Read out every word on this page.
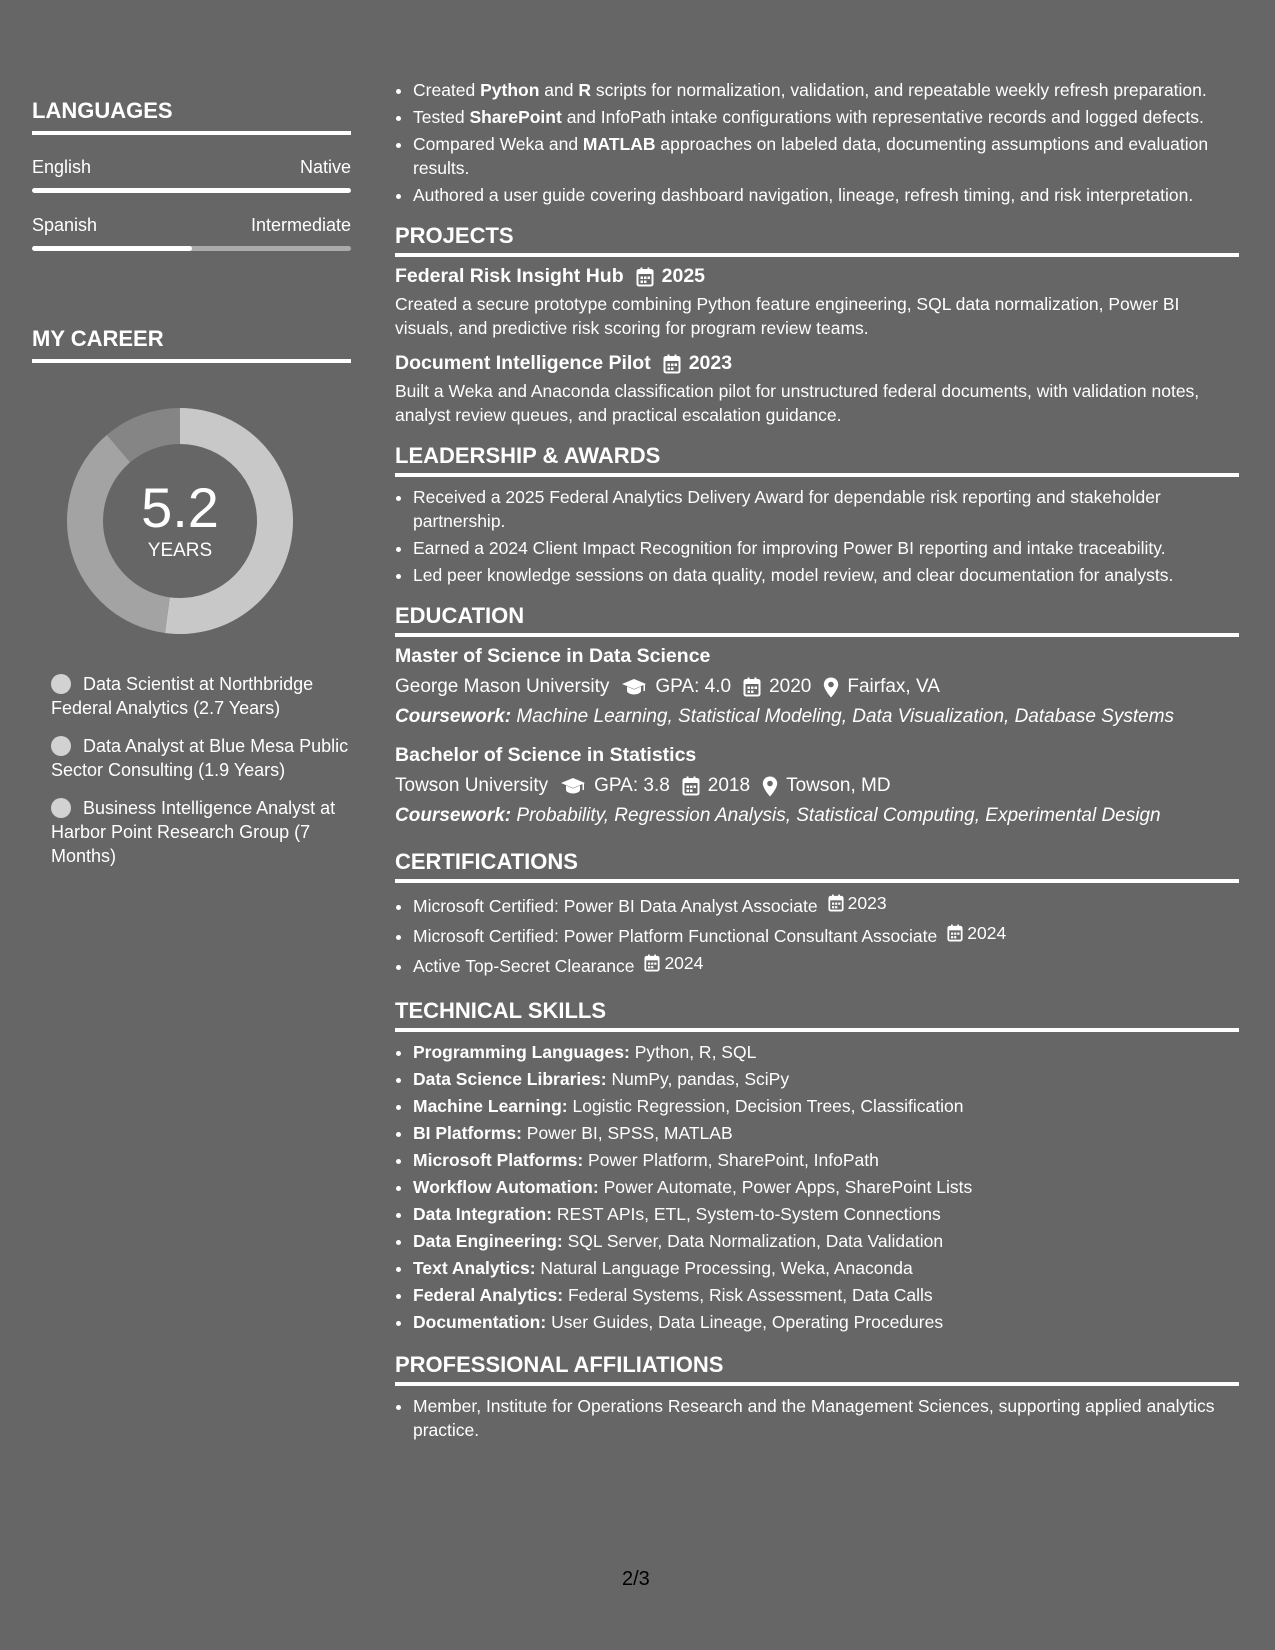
LANGUAGES
English	Native
Spanish	Intermediate
MY CAREER
5.2
YEARS
Data Scientist at Northbridge Federal Analytics (2.7 Years)
Data Analyst at Blue Mesa Public Sector Consulting (1.9 Years)
Business Intelligence Analyst at Harbor Point Research Group (7 Months)
• Created Python and R scripts for normalization, validation, and repeatable weekly refresh preparation.
• Tested SharePoint and InfoPath intake configurations with representative records and logged defects.
• Compared Weka and MATLAB approaches on labeled data, documenting assumptions and evaluation results.
• Authored a user guide covering dashboard navigation, lineage, refresh timing, and risk interpretation.
PROJECTS
Federal Risk Insight Hub 2025
Created a secure prototype combining Python feature engineering, SQL data normalization, Power BI visuals, and predictive risk scoring for program review teams.
Document Intelligence Pilot 2023
Built a Weka and Anaconda classification pilot for unstructured federal documents, with validation notes, analyst review queues, and practical escalation guidance.
LEADERSHIP & AWARDS
• Received a 2025 Federal Analytics Delivery Award for dependable risk reporting and stakeholder partnership.
• Earned a 2024 Client Impact Recognition for improving Power BI reporting and intake traceability.
• Led peer knowledge sessions on data quality, model review, and clear documentation for analysts.
EDUCATION
Master of Science in Data Science
George Mason University GPA: 4.0 2020 Fairfax, VA
Coursework: Machine Learning, Statistical Modeling, Data Visualization, Database Systems
Bachelor of Science in Statistics
Towson University GPA: 3.8 2018 Towson, MD
Coursework: Probability, Regression Analysis, Statistical Computing, Experimental Design
CERTIFICATIONS
• Microsoft Certified: Power BI Data Analyst Associate 2023
• Microsoft Certified: Power Platform Functional Consultant Associate 2024
• Active Top-Secret Clearance 2024
TECHNICAL SKILLS
• Programming Languages: Python, R, SQL
• Data Science Libraries: NumPy, pandas, SciPy
• Machine Learning: Logistic Regression, Decision Trees, Classification
• BI Platforms: Power BI, SPSS, MATLAB
• Microsoft Platforms: Power Platform, SharePoint, InfoPath
• Workflow Automation: Power Automate, Power Apps, SharePoint Lists
• Data Integration: REST APIs, ETL, System-to-System Connections
• Data Engineering: SQL Server, Data Normalization, Data Validation
• Text Analytics: Natural Language Processing, Weka, Anaconda
• Federal Analytics: Federal Systems, Risk Assessment, Data Calls
• Documentation: User Guides, Data Lineage, Operating Procedures
PROFESSIONAL AFFILIATIONS
• Member, Institute for Operations Research and the Management Sciences, supporting applied analytics practice.
2/3
